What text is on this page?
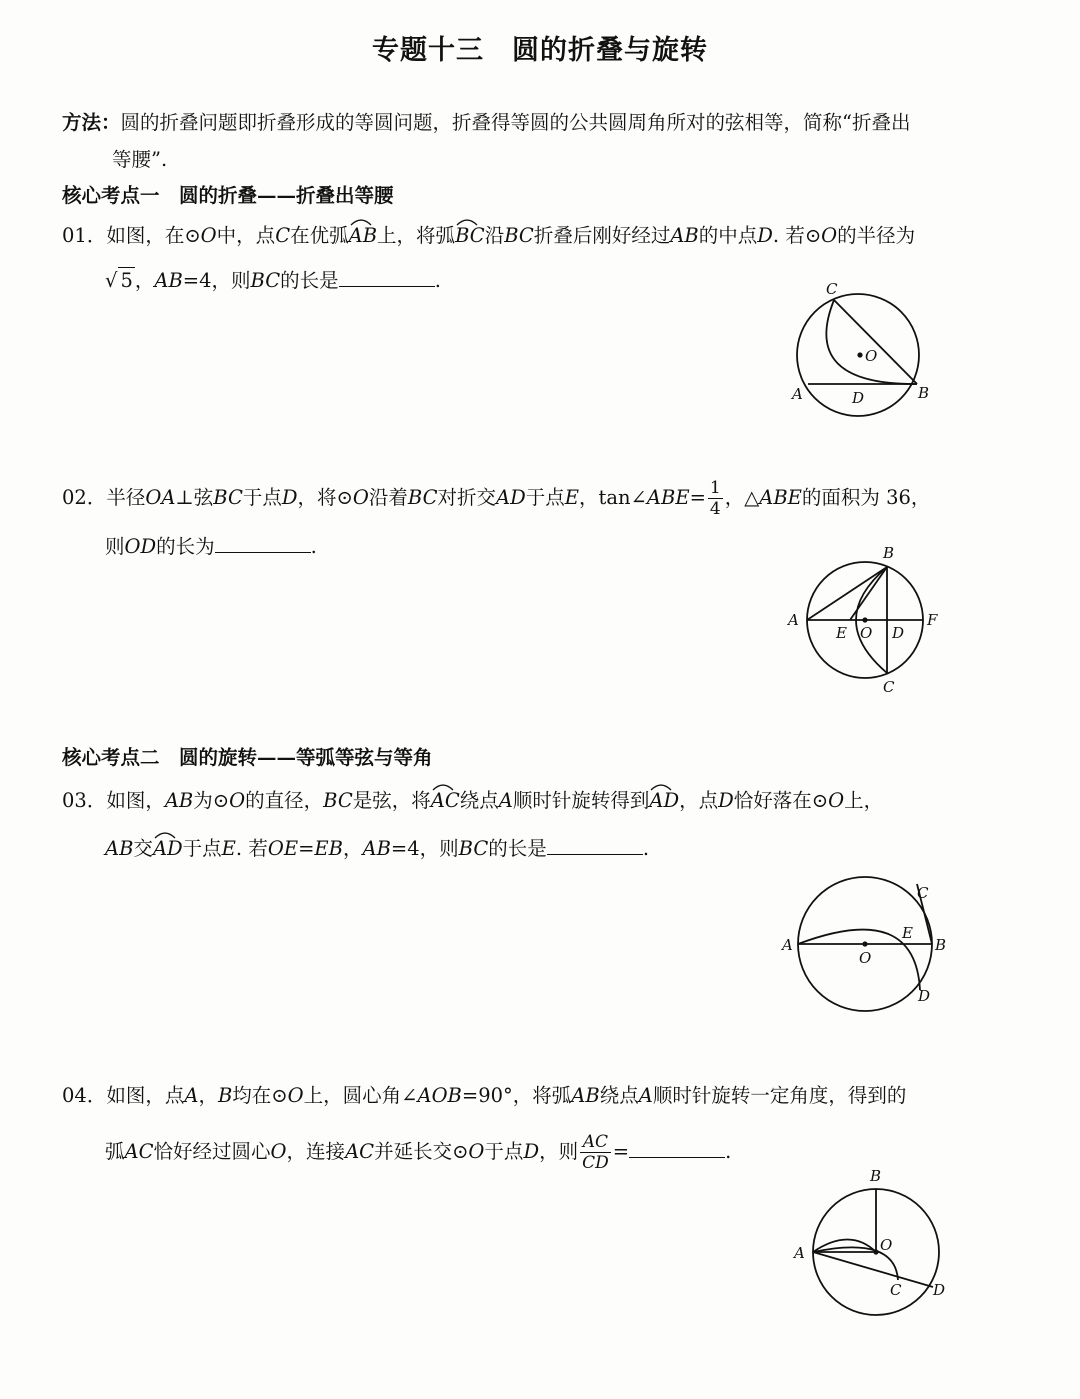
专题十三　圆的折叠与旋转
方法：圆的折叠问题即折叠形成的等圆问题，折叠得等圆的公共圆周角所对的弦相等，简称“折叠出
等腰”.
核心考点一　 圆的折叠——折叠出等腰
01．如图，在⊙O中，点C在优弧
AB上，将弧
BC沿BC折叠后刚好经过AB的中点D. 若⊙O的半径为
√ 5 ，AB=4，则BC的长是	.	C
O
A	D	B
02．半径OA⊥弦BC于点D，将⊙O沿着BC对折交AD于点E，tan∠ABE= $\frac{1}{4}$ ，△ABE的面积为 36，
则OD的长为	.	B
A
E O D
F
C
核心考点二　 圆的旋转——等弧等弦与等角
03．如图，AB为⊙O的直径，BC是弦，将
AC绕点A顺时针旋转得到
AD，点D恰好落在⊙O上，
AB交
AD于点E. 若OE=EB，AB=4，则BC的长是	.
C
A
E
B
O
D
04．如图，点A，B均在⊙O上，圆心角∠AOB=90°，将弧AB绕点A顺时针旋转一定角度，得到的
弧AC恰好经过圆心O，连接AC并延长交⊙O于点D，则 $\frac{AC}{CD}$ =	.
B
O
A
C D
